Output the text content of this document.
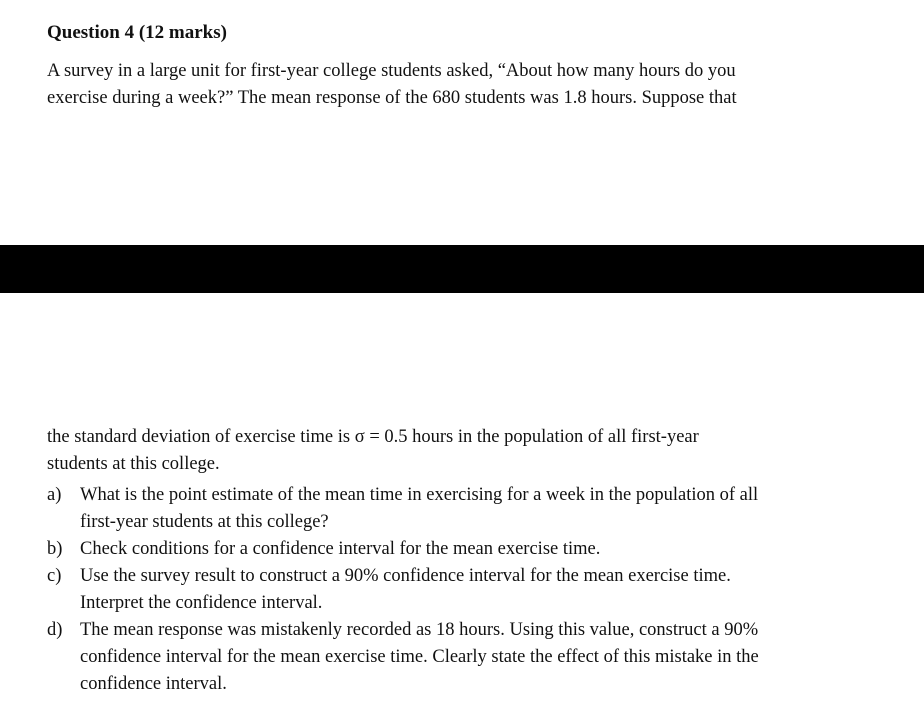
Question 4 (12 marks)
A survey in a large unit for first-year college students asked, “About how many hours do you
exercise during a week?” The mean response of the 680 students was 1.8 hours. Suppose that
the standard deviation of exercise time is σ = 0.5 hours in the population of all first-year
students at this college.
a) What is the point estimate of the mean time in exercising for a week in the population of all
first-year students at this college?
b) Check conditions for a confidence interval for the mean exercise time.
c) Use the survey result to construct a 90% confidence interval for the mean exercise time.
Interpret the confidence interval.
d) The mean response was mistakenly recorded as 18 hours. Using this value, construct a 90%
confidence interval for the mean exercise time. Clearly state the effect of this mistake in the
confidence interval.
